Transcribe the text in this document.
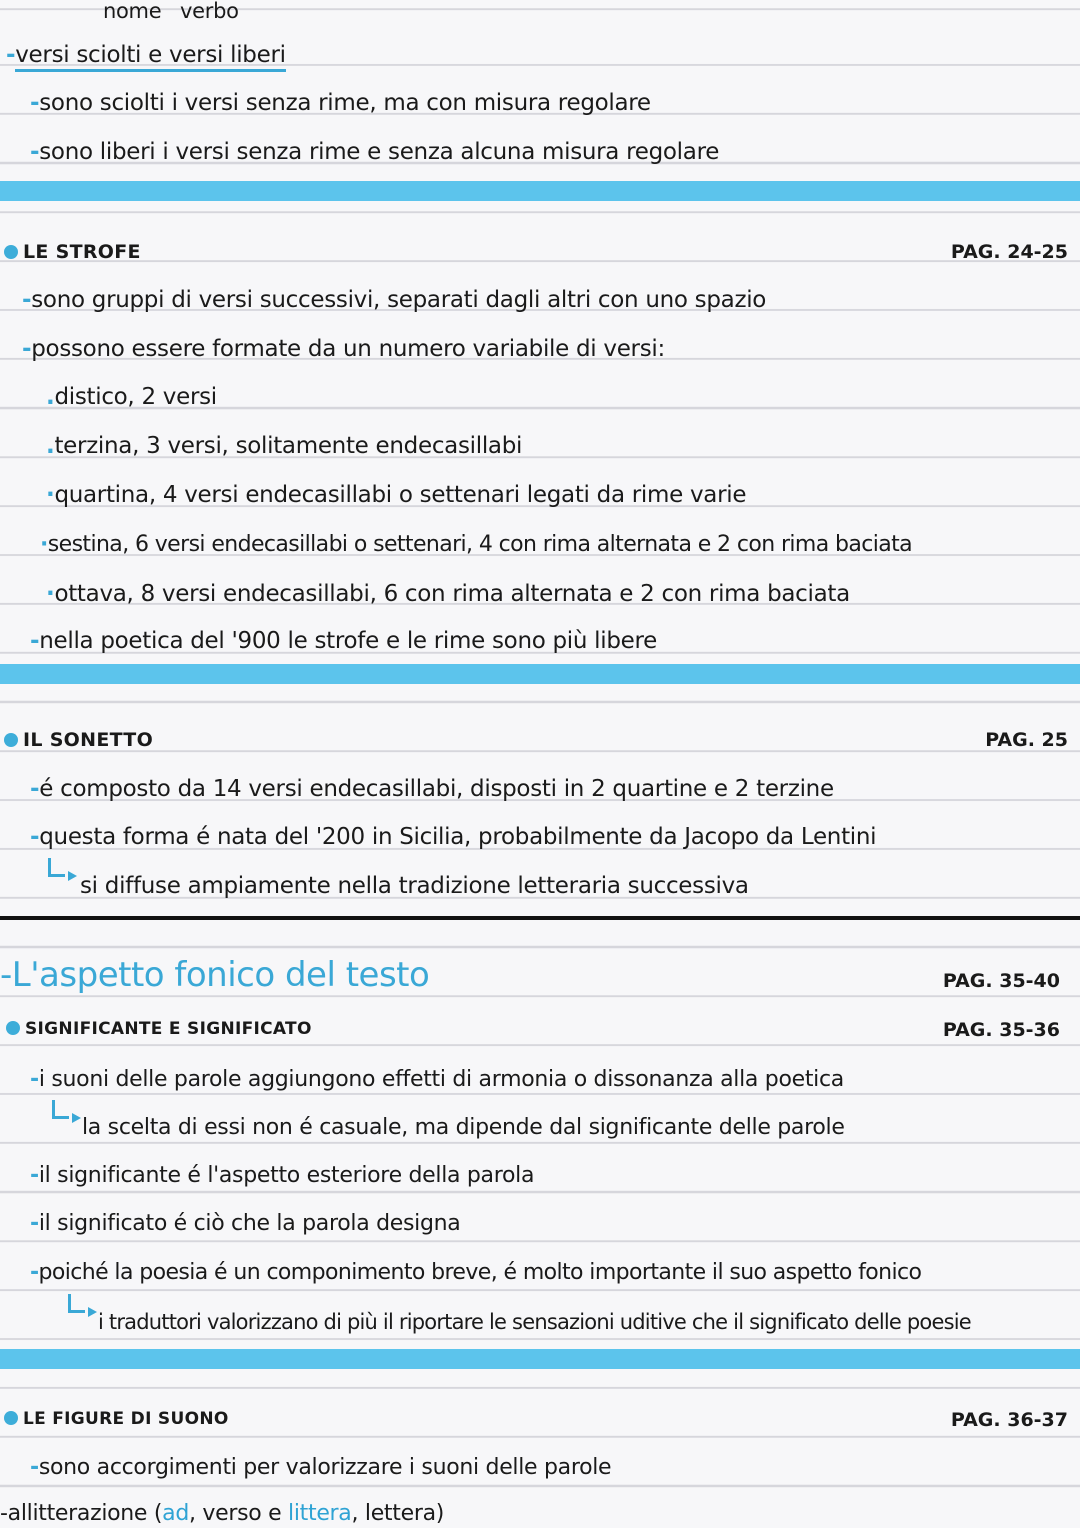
nome verbo
-versi sciolti e versi liberi
-sono sciolti i versi senza rime, ma con misura regolare
-sono liberi i versi senza rime e senza alcuna misura regolare
LE STROFE	PAG. 24-25
-sono gruppi di versi successivi, separati dagli altri con uno spazio
-possono essere formate da un numero variabile di versi:
.distico, 2 versi
.terzina, 3 versi, solitamente endecasillabi
·quartina, 4 versi endecasillabi o settenari legati da rime varie
·sestina, 6 versi endecasillabi o settenari, 4 con rima alternata e 2 con rima baciata
·ottava, 8 versi endecasillabi, 6 con rima alternata e 2 con rima baciata
-nella poetica del '900 le strofe e le rime sono più libere
IL SONETTO	PAG. 25
-é composto da 14 versi endecasillabi, disposti in 2 quartine e 2 terzine
-questa forma é nata del '200 in Sicilia, probabilmente da Jacopo da Lentini
si diffuse ampiamente nella tradizione letteraria successiva
-L'aspetto fonico del testo	PAG. 35-40
SIGNIFICANTE E SIGNIFICATO	PAG. 35-36
-i suoni delle parole aggiungono effetti di armonia o dissonanza alla poetica
la scelta di essi non é casuale, ma dipende dal significante delle parole
-il significante é l'aspetto esteriore della parola
-il significato é ciò che la parola designa
-poiché la poesia é un componimento breve, é molto importante il suo aspetto fonico
i traduttori valorizzano di più il riportare le sensazioni uditive che il significato delle poesie
LE FIGURE DI SUONO	PAG. 36-37
-sono accorgimenti per valorizzare i suoni delle parole
-allitterazione (ad, verso e littera, lettera)
